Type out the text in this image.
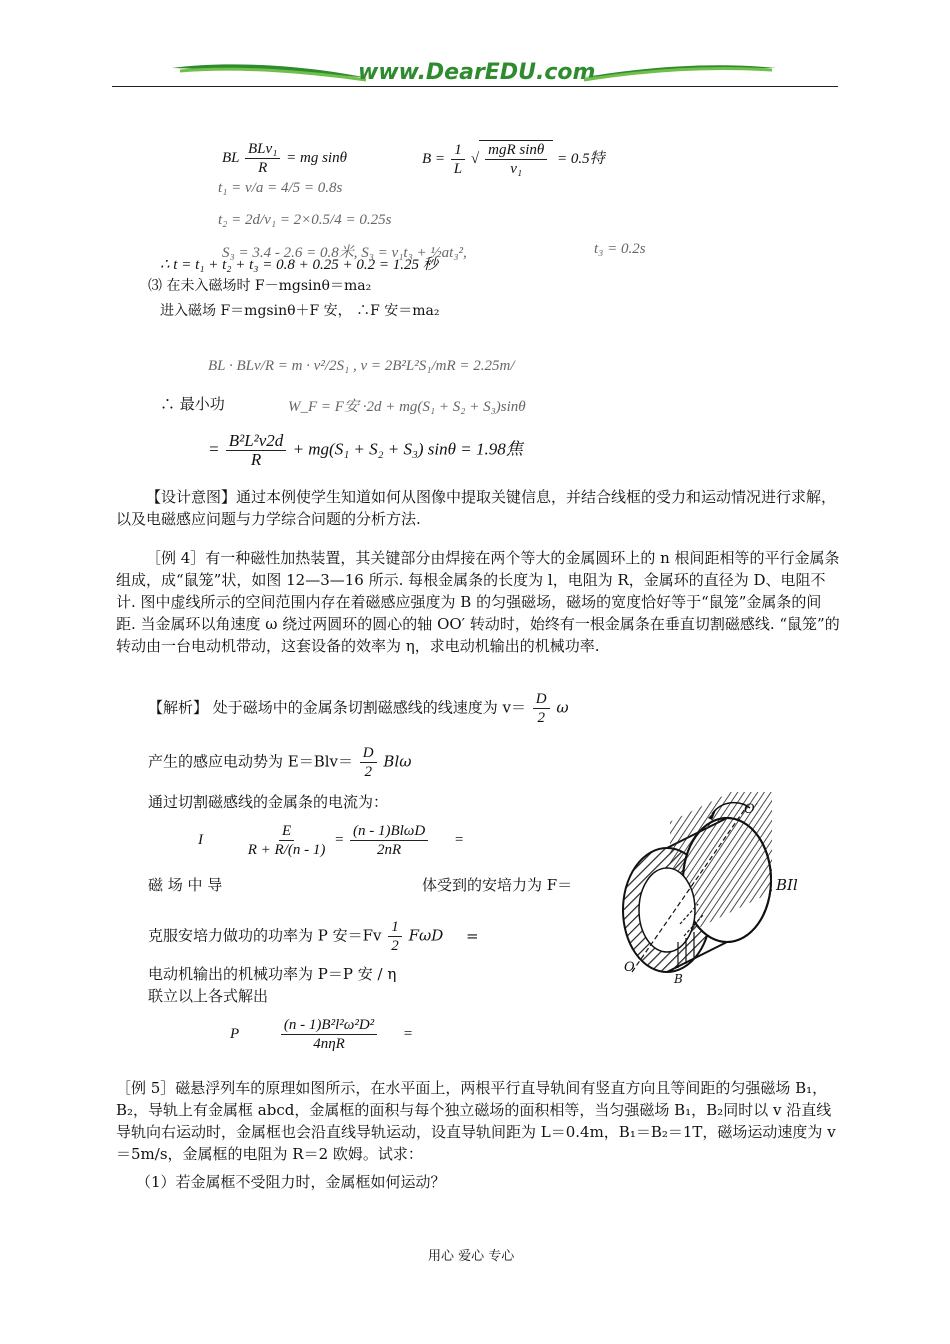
www.DearEDU.com
BL $\frac{\text{BLv₁}}{R}$ = mg sinθ	$B = \frac{1}{L}$ √ $\frac{\text{mgR sinθ}}{\text{v₁}} = 0.5$特
t₁ = v/a = 4/5 = 0.8s
t₂ = 2d/v₁ = 2×0.5/4 = 0.25s
S₃ = 3.4 - 2.6 = 0.8米, S₃ = v₁t₃ + ½at₃²,	t₃ = 0.2s
∴ t = t₁ + t₂ + t₃ = 0.8 + 0.25 + 0.2 = 1.25 秒
⑶ 在未入磁场时 F－mgsinθ＝ma₂
进入磁场 F＝mgsinθ＋F 安， ∴F 安＝ma₂
BL · BLv/R = m · v²/2S₁ , v = 2B²L²S₁/mR = 2.25m/
∴ 最小功	W_F = F安 ·2d + mg(S₁ + S₂ + S₃)sinθ
= $\frac{\text{B²L²v2d}}{R} + mg(S_1 + S_2 + S_3) \sin\theta = 1.98$焦
【设计意图】通过本例使学生知道如何从图像中提取关键信息，并结合线框的受力和运动情况进行求解，以及电磁感应问题与力学综合问题的分析方法.
［例 4］有一种磁性加热装置，其关键部分由焊接在两个等大的金属圆环上的 n 根间距相等的平行金属条组成，成“鼠笼”状，如图 12—3—16 所示. 每根金属条的长度为 l，电阻为 R，金属环的直径为 D、电阻不计. 图中虚线所示的空间范围内存在着磁感应强度为 B 的匀强磁场，磁场的宽度恰好等于“鼠笼”金属条的间距. 当金属环以角速度 ω 绕过两圆环的圆心的轴 OO′ 转动时，始终有一根金属条在垂直切割磁感线. “鼠笼”的转动由一台电动机带动，这套设备的效率为 η，求电动机输出的机械功率.
【解析】 处于磁场中的金属条切割磁感线的线速度为 $v= \frac{D}{2}$ ω
产生的感应电动势为 $E=Blv= \frac{D}{2}$ Blω
通过切割磁感线的金属条的电流为：
I	$\frac{E}{R + R/(n - 1)} = \frac{\text{(n - 1)BlωD}}{2nR}$ =
磁 场 中 导	体受到的安培力为 F＝	BIl
克服安培力做功的功率为 P 安$=Fv \frac{1}{2}$ FωD =
电动机输出的机械功率为 P＝P 安 / η
联立以上各式解出
P	$\frac{\text{(n - 1)B²l²ω²D²}}{\text{4nηR}}$ =
O′
O
B
［例 5］磁悬浮列车的原理如图所示，在水平面上，两根平行直导轨间有竖直方向且等间距的匀强磁场 B₁，B₂，导轨上有金属框 abcd，金属框的面积与每个独立磁场的面积相等，当匀强磁场 B₁，B₂同时以 v 沿直线导轨向右运动时，金属框也会沿直线导轨运动，设直导轨间距为 L＝0.4m，B₁＝B₂＝1T，磁场运动速度为 v＝5m/s，金属框的电阻为 R＝2 欧姆。试求：
（1）若金属框不受阻力时，金属框如何运动？
用心 爱心 专心
